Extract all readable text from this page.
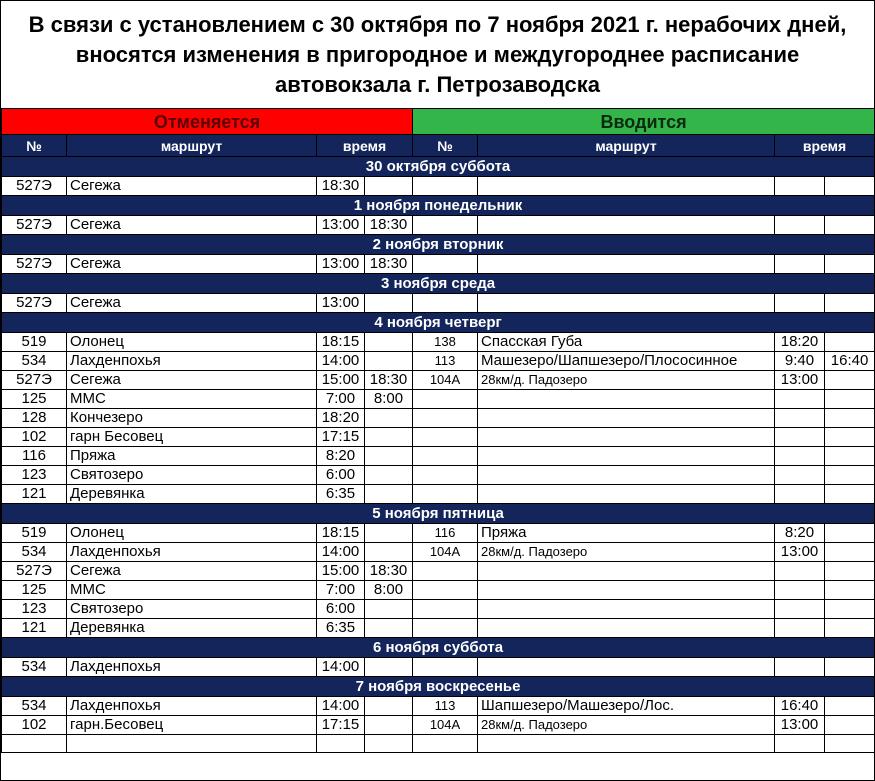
В связи с установлением с 30 октября по 7 ноября 2021 г. нерабочих дней, вносятся изменения в пригородное и междугороднее расписание автовокзала г. Петрозаводска
Отменяется				Вводится			
№	маршрут	время		№	маршрут	время	
30 октября суббота							
527Э	Сегежа	18:30					
1 ноября понедельник							
527Э	Сегежа	13:00	18:30				
2 ноября вторник							
527Э	Сегежа	13:00	18:30				
3 ноября среда							
527Э	Сегежа	13:00					
4 ноября четверг							
519	Олонец	18:15		138	Спасская Губа	18:20	
534	Лахденпохья	14:00		113	Машезеро/Шапшезеро/Плососинное	9:40	16:40
527Э	Сегежа	15:00	18:30	104А	28км/д. Падозеро	13:00	
125	ММС	7:00	8:00				
128	Кончезеро	18:20					
102	гарн Бесовец	17:15					
116	Пряжа	8:20					
123	Святозеро	6:00					
121	Деревянка	6:35					
5 ноября пятница							
519	Олонец	18:15		116	Пряжа	8:20	
534	Лахденпохья	14:00		104А	28км/д. Падозеро	13:00	
527Э	Сегежа	15:00	18:30				
125	ММС	7:00	8:00				
123	Святозеро	6:00					
121	Деревянка	6:35					
6 ноября суббота							
534	Лахденпохья	14:00					
7 ноября воскресенье							
534	Лахденпохья	14:00		113	Шапшезеро/Машезеро/Лос.	16:40	
102	гарн.Бесовец	17:15		104А	28км/д. Падозеро	13:00	
